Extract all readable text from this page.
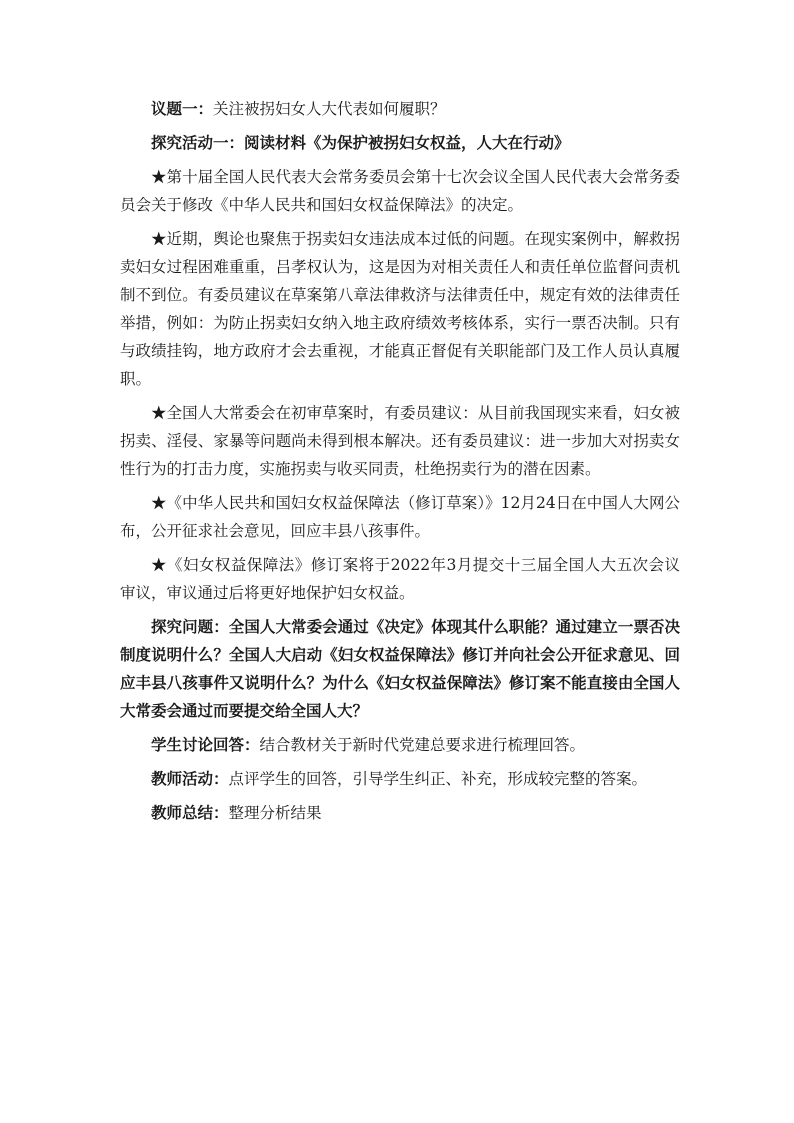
议题一：关注被拐妇女人大代表如何履职？

探究活动一：阅读材料《为保护被拐妇女权益，人大在行动》

★第十届全国人民代表大会常务委员会第十七次会议全国人民代表大会常务委员会关于修改《中华人民共和国妇女权益保障法》的决定。

★近期，舆论也聚焦于拐卖妇女违法成本过低的问题。在现实案例中，解救拐卖妇女过程困难重重，吕孝权认为，这是因为对相关责任人和责任单位监督问责机制不到位。有委员建议在草案第八章法律救济与法律责任中，规定有效的法律责任举措，例如：为防止拐卖妇女纳入地主政府绩效考核体系，实行一票否决制。只有与政绩挂钩，地方政府才会去重视，才能真正督促有关职能部门及工作人员认真履职。

★全国人大常委会在初审草案时，有委员建议：从目前我国现实来看，妇女被拐卖、淫侵、家暴等问题尚未得到根本解决。还有委员建议：进一步加大对拐卖女性行为的打击力度，实施拐卖与收买同责，杜绝拐卖行为的潜在因素。

★《中华人民共和国妇女权益保障法（修订草案）》12月24日在中国人大网公布，公开征求社会意见，回应丰县八孩事件。

★《妇女权益保障法》修订案将于2022年3月提交十三届全国人大五次会议审议，审议通过后将更好地保护妇女权益。

探究问题：全国人大常委会通过《决定》体现其什么职能？通过建立一票否决制度说明什么？全国人大启动《妇女权益保障法》修订并向社会公开征求意见、回应丰县八孩事件又说明什么？为什么《妇女权益保障法》修订案不能直接由全国人大常委会通过而要提交给全国人大？

学生讨论回答：结合教材关于新时代党建总要求进行梳理回答。

教师活动：点评学生的回答，引导学生纠正、补充，形成较完整的答案。

教师总结：整理分析结果
